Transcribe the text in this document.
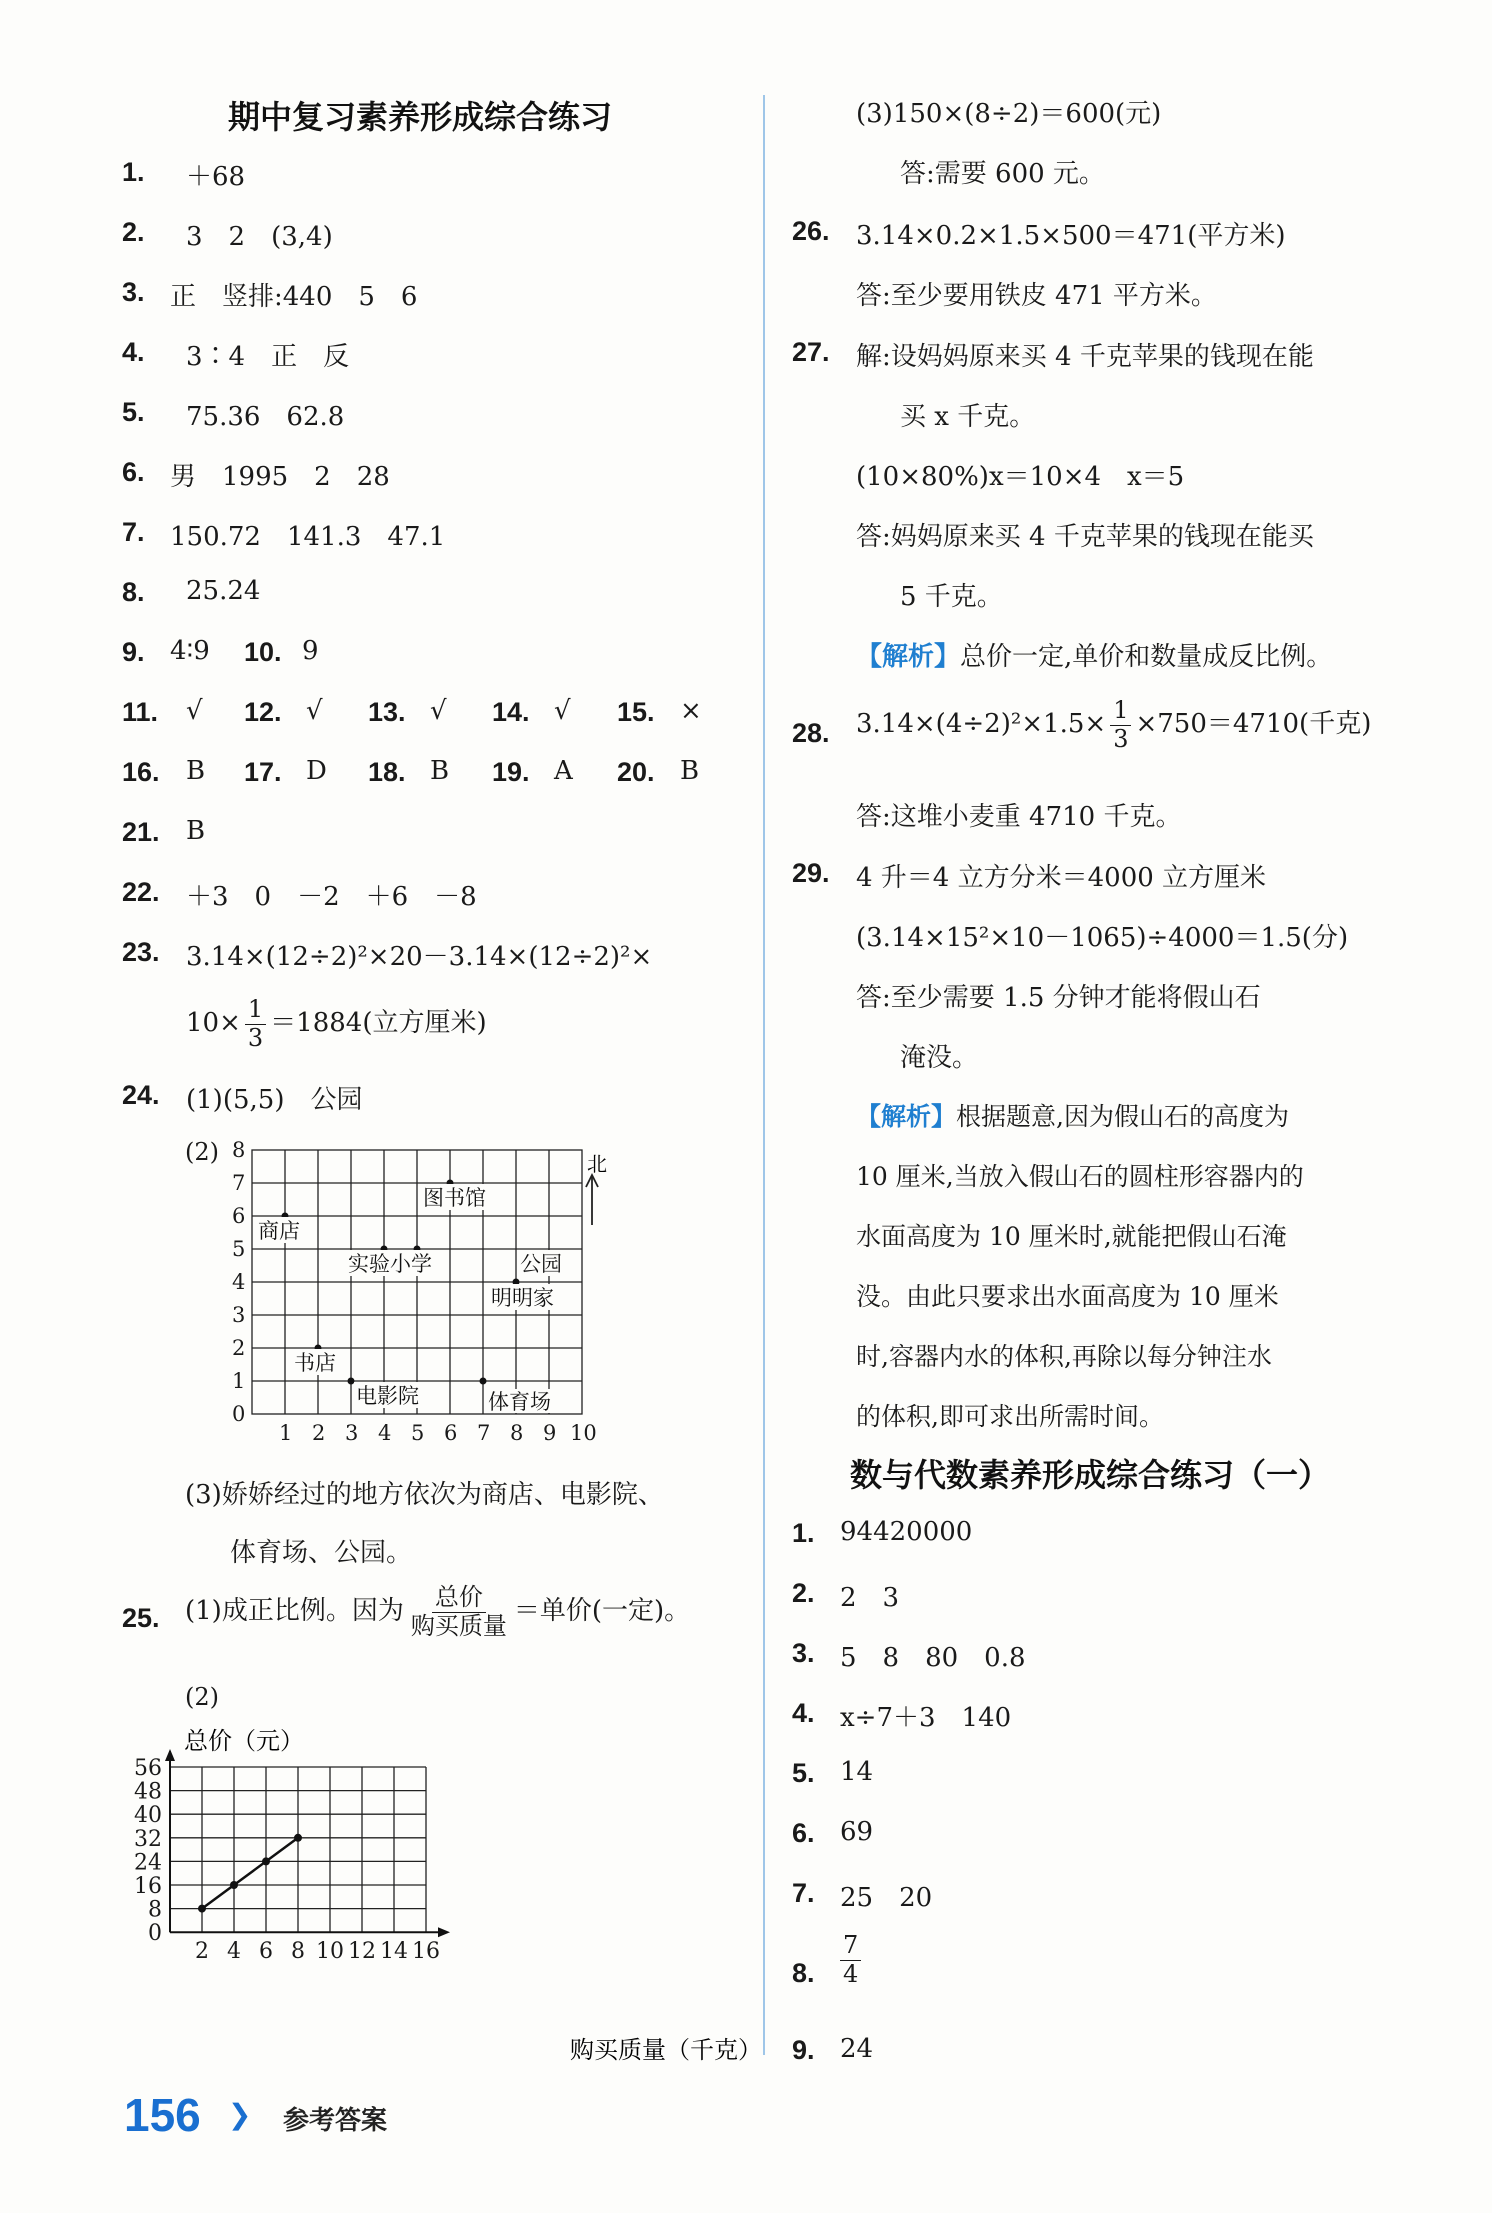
期中复习素养形成综合练习
1. ＋68
2. 3　2　(3,4)
3. 正　竖排:440　5　6
4. 3∶4　正　反
5. 75.36　62.8
6. 男　1995　2　28
7. 150.72　141.3　47.1
8. 25.24
9. 4∶9 10. 9
11. √ 12. √ 13. √ 14. √ 15. ×
16. B 17. D 18. B 19. A 20. B
21. B
22. ＋3　0　－2　＋6　－8
23. 3.14×(12÷2)²×20－3.14×(12÷2)²×
$10\times \frac{1}{3} =1884$(立方厘米)
24. (1)(5,5)　公园
(2)
0
1
2
3
4
5
6
7
8
1 2 3 4 5 6 7 8 9 10
北
商店
图书馆
实验小学	公园
明明家
书店
电影院	体育场
(3)娇娇经过的地方依次为商店、电影院、
体育场、公园。
25. (1)成正比例。因为 $\frac{\text{总价}}{\text{购买质量}}$ ＝单价(一定)。
(2)
总价（元）
0
8
16
24
32
40
48
56
2 4 6 8 10 12 14 16
购买质量（千克）
(3)150×(8÷2)＝600(元)
答:需要 600 元。
26. 3.14×0.2×1.5×500＝471(平方米)
答:至少要用铁皮 471 平方米。
27. 解:设妈妈原来买 4 千克苹果的钱现在能
买 x 千克。
(10×80%)x＝10×4　x＝5
答:妈妈原来买 4 千克苹果的钱现在能买
5 千克。
【解析】总价一定,单价和数量成反比例。
28. $3.14\times(4\div 2)^2\times 1.5\times \frac{1}{3} \times 750=4710$(千克)
答:这堆小麦重 4710 千克。
29. 4 升＝4 立方分米＝4000 立方厘米
(3.14×15²×10－1065)÷4000＝1.5(分)
答:至少需要 1.5 分钟才能将假山石
淹没。
【解析】根据题意,因为假山石的高度为
10 厘米,当放入假山石的圆柱形容器内的
水面高度为 10 厘米时,就能把假山石淹
没。由此只要求出水面高度为 10 厘米
时,容器内水的体积,再除以每分钟注水
的体积,即可求出所需时间。
数与代数素养形成综合练习（一）
1. 94420000
2. 2　3
3. 5　8　80　0.8
4. x÷7＋3　140
5. 14
6. 69
7. 25　20
8. $\frac{7}{4}$
9. 24
156 ❯ 参考答案
